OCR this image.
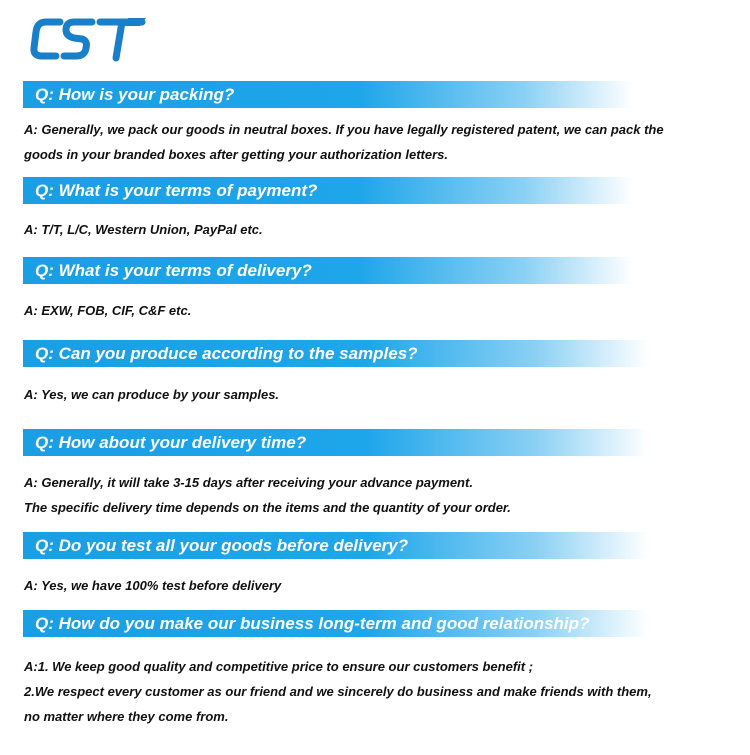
Q: How is your packing?
A: Generally, we pack our goods in neutral boxes. If you have legally registered patent, we can pack the
goods in your branded boxes after getting your authorization letters.
Q: What is your terms of payment?
A: T/T, L/C, Western Union, PayPal etc.
Q: What is your terms of delivery?
A: EXW, FOB, CIF, C&F etc.
Q: Can you produce according to the samples?
A: Yes, we can produce by your samples.
Q: How about your delivery time?
A: Generally, it will take 3-15 days after receiving your advance payment.
The specific delivery time depends on the items and the quantity of your order.
Q: Do you test all your goods before delivery?
A: Yes, we have 100% test before delivery
Q: How do you make our business long-term and good relationship?
A:1. We keep good quality and competitive price to ensure our customers benefit ;
2.We respect every customer as our friend and we sincerely do business and make friends with them,
no matter where they come from.
